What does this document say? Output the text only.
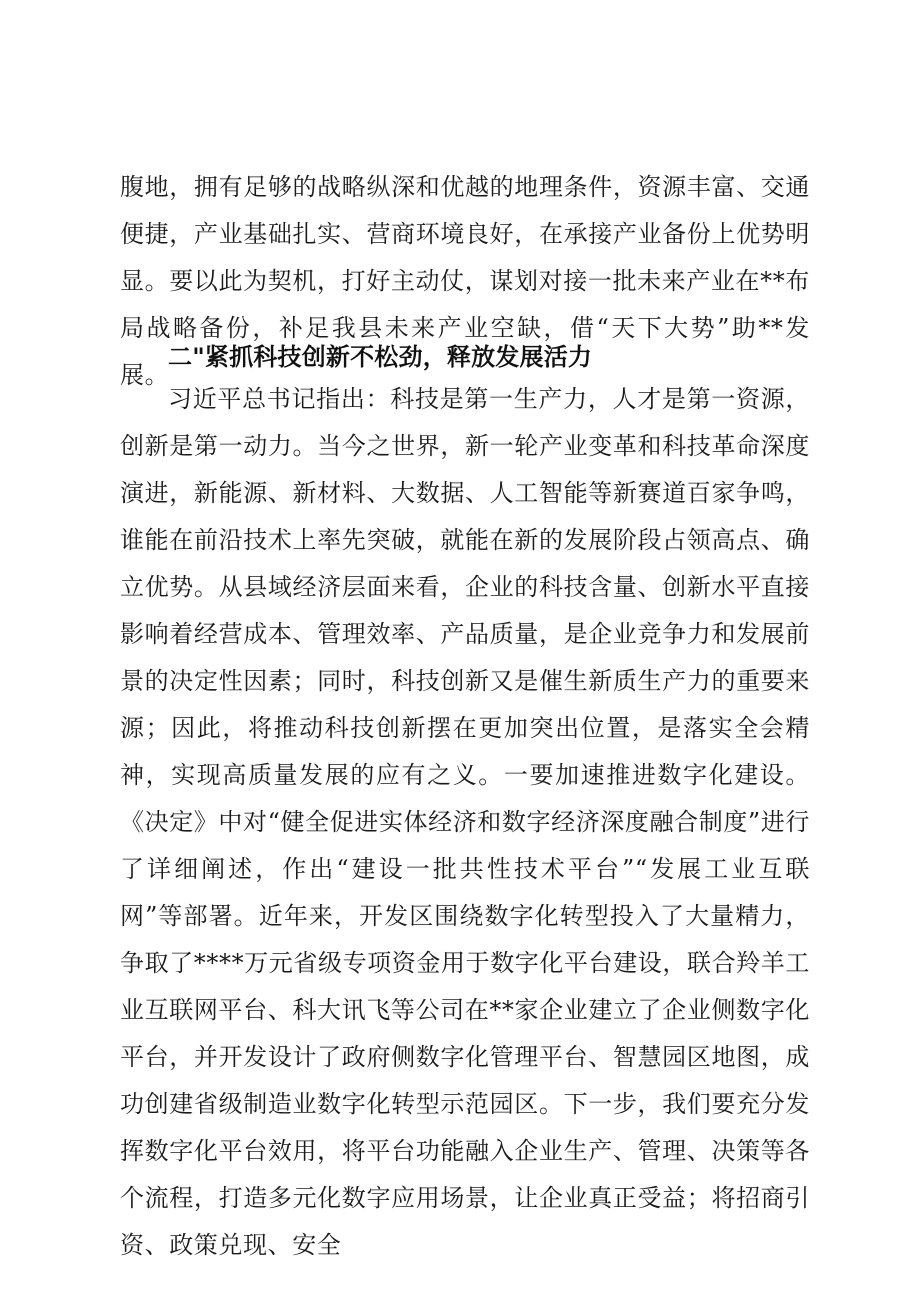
腹地，拥有足够的战略纵深和优越的地理条件，资源丰富、交通便捷，产业基础扎实、营商环境良好，在承接产业备份上优势明显。要以此为契机，打好主动仗，谋划对接一批未来产业在**布局战略备份，补足我县未来产业空缺，借“天下大势”助**发展。

二"紧抓科技创新不松劲，释放发展活力

习近平总书记指出：科技是第一生产力，人才是第一资源，创新是第一动力。当今之世界，新一轮产业变革和科技革命深度演进，新能源、新材料、大数据、人工智能等新赛道百家争鸣，谁能在前沿技术上率先突破，就能在新的发展阶段占领高点、确立优势。从县域经济层面来看，企业的科技含量、创新水平直接影响着经营成本、管理效率、产品质量，是企业竞争力和发展前景的决定性因素；同时，科技创新又是催生新质生产力的重要来源；因此，将推动科技创新摆在更加突出位置，是落实全会精神，实现高质量发展的应有之义。一要加速推进数字化建设。《决定》中对“健全促进实体经济和数字经济深度融合制度”进行了详细阐述，作出“建设一批共性技术平台”“发展工业互联网”等部署。近年来，开发区围绕数字化转型投入了大量精力，争取了****万元省级专项资金用于数字化平台建设，联合羚羊工业互联网平台、科大讯飞等公司在**家企业建立了企业侧数字化平台，并开发设计了政府侧数字化管理平台、智慧园区地图，成功创建省级制造业数字化转型示范园区。下一步，我们要充分发挥数字化平台效用，将平台功能融入企业生产、管理、决策等各个流程，打造多元化数字应用场景，让企业真正受益；将招商引资、政策兑现、安全
